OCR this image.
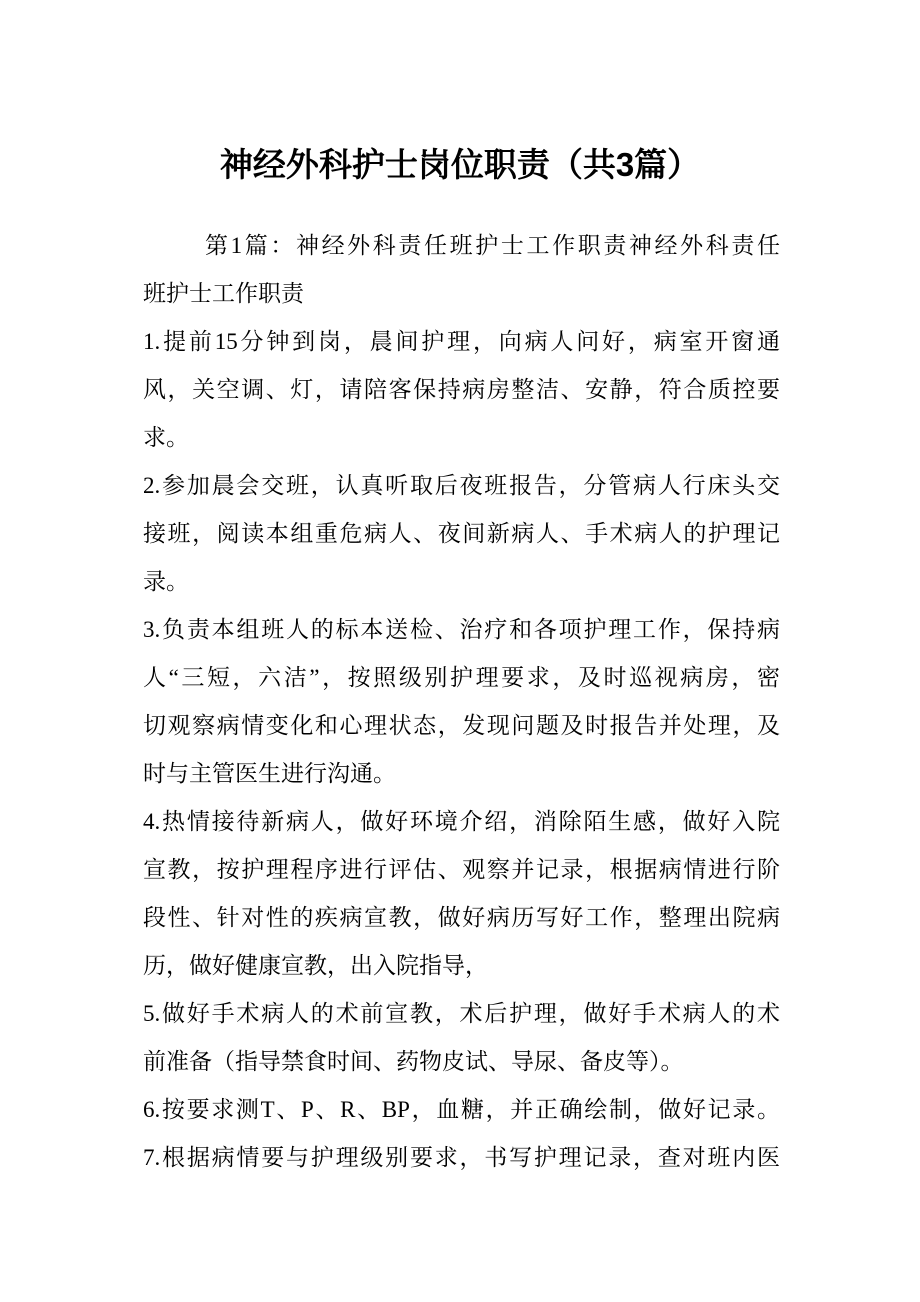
神经外科护士岗位职责（共3篇）
第1篇：神经外科责任班护士工作职责神经外科责任
班护士工作职责
1.提前15分钟到岗，晨间护理，向病人问好，病室开窗通
风，关空调、灯，请陪客保持病房整洁、安静，符合质控要
求。
2.参加晨会交班，认真听取后夜班报告，分管病人行床头交
接班，阅读本组重危病人、夜间新病人、手术病人的护理记
录。
3.负责本组班人的标本送检、治疗和各项护理工作，保持病
人“三短，六洁”，按照级别护理要求，及时巡视病房，密
切观察病情变化和心理状态，发现问题及时报告并处理，及
时与主管医生进行沟通。
4.热情接待新病人，做好环境介绍，消除陌生感，做好入院
宣教，按护理程序进行评估、观察并记录，根据病情进行阶
段性、针对性的疾病宣教，做好病历写好工作，整理出院病
历，做好健康宣教，出入院指导，
5.做好手术病人的术前宣教，术后护理，做好手术病人的术
前准备（指导禁食时间、药物皮试、导尿、备皮等）。
6.按要求测T、P、R、BP，血糖，并正确绘制，做好记录。
7.根据病情要与护理级别要求，书写护理记录，查对班内医
